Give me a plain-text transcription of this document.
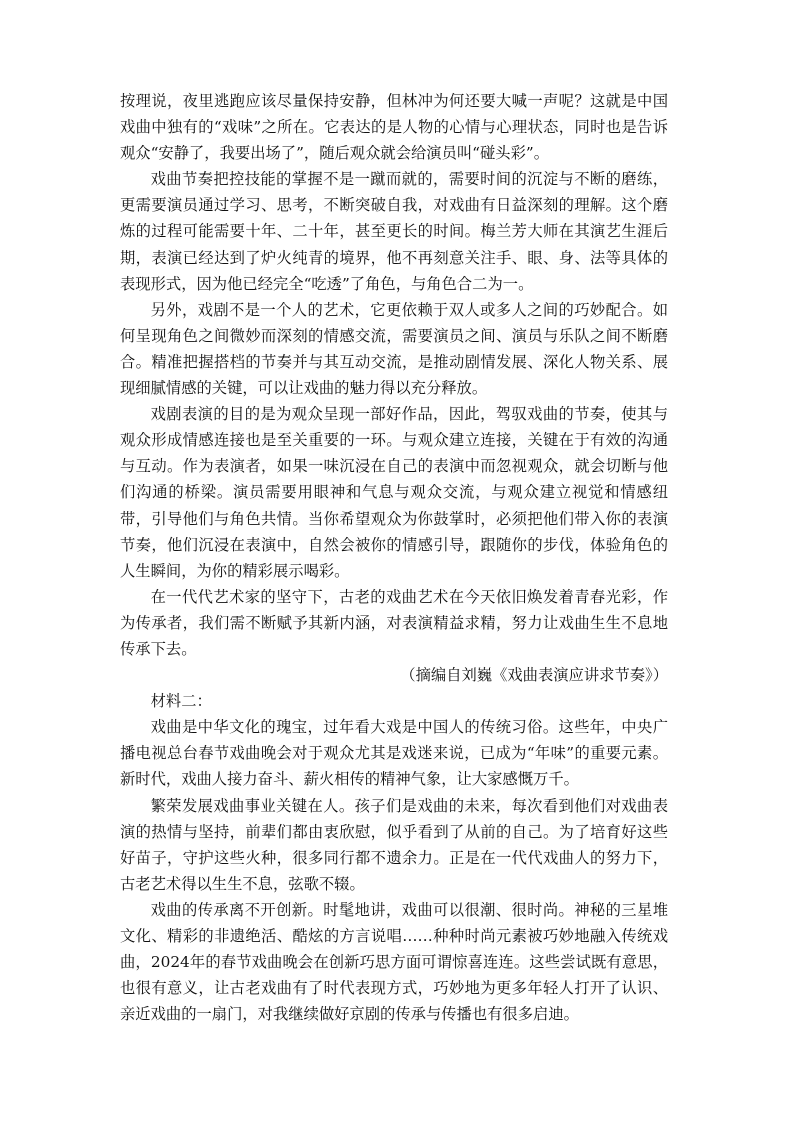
按理说，夜里逃跑应该尽量保持安静，但林冲为何还要大喊一声呢？这就是中国戏曲中独有的“戏味”之所在。它表达的是人物的心情与心理状态，同时也是告诉观众“安静了，我要出场了”，随后观众就会给演员叫“碰头彩”。

戏曲节奏把控技能的掌握不是一蹴而就的，需要时间的沉淀与不断的磨练，更需要演员通过学习、思考，不断突破自我，对戏曲有日益深刻的理解。这个磨炼的过程可能需要十年、二十年，甚至更长的时间。梅兰芳大师在其演艺生涯后期，表演已经达到了炉火纯青的境界，他不再刻意关注手、眼、身、法等具体的表现形式，因为他已经完全“吃透”了角色，与角色合二为一。

另外，戏剧不是一个人的艺术，它更依赖于双人或多人之间的巧妙配合。如何呈现角色之间微妙而深刻的情感交流，需要演员之间、演员与乐队之间不断磨合。精准把握搭档的节奏并与其互动交流，是推动剧情发展、深化人物关系、展现细腻情感的关键，可以让戏曲的魅力得以充分释放。

戏剧表演的目的是为观众呈现一部好作品，因此，驾驭戏曲的节奏，使其与观众形成情感连接也是至关重要的一环。与观众建立连接，关键在于有效的沟通与互动。作为表演者，如果一味沉浸在自己的表演中而忽视观众，就会切断与他们沟通的桥梁。演员需要用眼神和气息与观众交流，与观众建立视觉和情感纽带，引导他们与角色共情。当你希望观众为你鼓掌时，必须把他们带入你的表演节奏，他们沉浸在表演中，自然会被你的情感引导，跟随你的步伐，体验角色的人生瞬间，为你的精彩展示喝彩。

在一代代艺术家的坚守下，古老的戏曲艺术在今天依旧焕发着青春光彩，作为传承者，我们需不断赋予其新内涵，对表演精益求精，努力让戏曲生生不息地传承下去。

（摘编自刘巍《戏曲表演应讲求节奏》）

材料二：

戏曲是中华文化的瑰宝，过年看大戏是中国人的传统习俗。这些年，中央广播电视总台春节戏曲晚会对于观众尤其是戏迷来说，已成为“年味”的重要元素。新时代，戏曲人接力奋斗、薪火相传的精神气象，让大家感慨万千。

繁荣发展戏曲事业关键在人。孩子们是戏曲的未来，每次看到他们对戏曲表演的热情与坚持，前辈们都由衷欣慰，似乎看到了从前的自己。为了培育好这些好苗子，守护这些火种，很多同行都不遗余力。正是在一代代戏曲人的努力下，古老艺术得以生生不息，弦歌不辍。

戏曲的传承离不开创新。时髦地讲，戏曲可以很潮、很时尚。神秘的三星堆文化、精彩的非遗绝活、酷炫的方言说唱……种种时尚元素被巧妙地融入传统戏曲，2024年的春节戏曲晚会在创新巧思方面可谓惊喜连连。这些尝试既有意思，也很有意义，让古老戏曲有了时代表现方式，巧妙地为更多年轻人打开了认识、亲近戏曲的一扇门，对我继续做好京剧的传承与传播也有很多启迪。
